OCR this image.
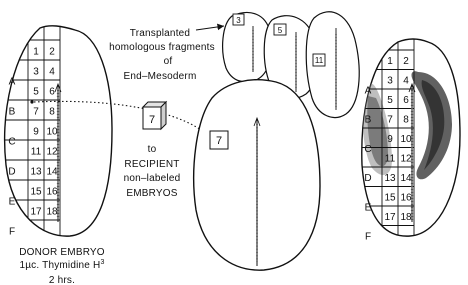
A
B
C
D
E
F
1 2
3 4
5 6
7 8
9 10
11 12
13 14
15 16
17 18
DONOR EMBRYO
1µc. Thymidine $H^3$
2 hrs.
Transplanted
homologous fragments
of
End–Mesoderm
7
to
RECIPIENT
non–labeled
EMBRYOS
3
5
11
7
A
B
C
D
E
F
1 2
3 4
5 6
7 8
9 10
11 12
13 14
15 16
17 18
